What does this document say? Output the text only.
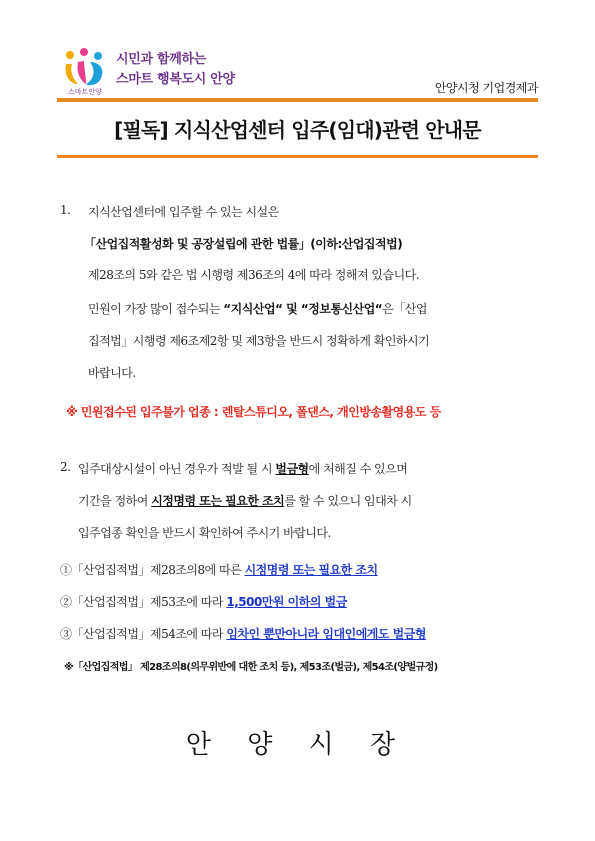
스마트안양
시민과 함께하는
스마트 행복도시 안양
안양시청 기업경제과
[필독] 지식산업센터 입주(임대)관련 안내문
1. 지식산업센터에 입주할 수 있는 시설은
「산업집적활성화 및 공장설립에 관한 법률」(이하:산업집적법)
제28조의 5와 같은 법 시행령 제36조의 4에 따라 정해져 있습니다.
민원이 가장 많이 접수되는 “지식산업“ 및 “정보통신산업“은「산업
집적법」시행령 제6조제2항 및 제3항을 반드시 정확하게 확인하시기
바랍니다.
※ 민원접수된 입주불가 업종 : 렌탈스튜디오, 폴댄스, 개인방송촬영용도 등
2. 입주대상시설이 아닌 경우가 적발 될 시 벌금형에 처해질 수 있으며
기간을 정하여 시정명령 또는 필요한 조치를 할 수 있으니 임대차 시
입주업종 확인을 반드시 확인하여 주시기 바랍니다.
①「산업집적법」제28조의8에 따른 시정명령 또는 필요한 조치
②「산업집적법」제53조에 따라 1,500만원 이하의 벌금
③「산업집적법」제54조에 따라 임차인 뿐만아니라 임대인에게도 벌금형
※「산업집적법」 제28조의8(의무위반에 대한 조치 등), 제53조(벌금), 제54조(양벌규정)
안 양 시 장
